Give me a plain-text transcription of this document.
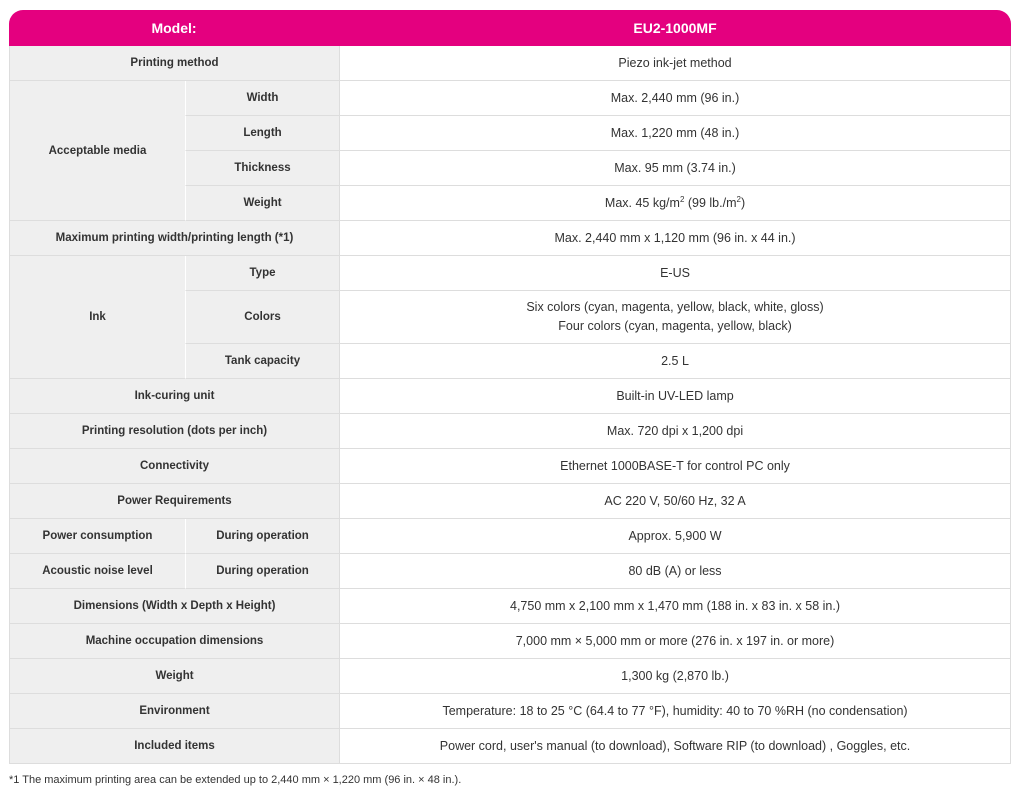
Model:		EU2-1000MF
Printing method		Piezo ink-jet method
Acceptable media	Width	Max. 2,440 mm (96 in.)
	Length	Max. 1,220 mm (48 in.)
	Thickness	Max. 95 mm (3.74 in.)
	Weight	Max. 45 $kg/m^2$ (99 $lb./m^2$)
Maximum printing width/printing length (*1)		Max. 2,440 mm x 1,120 mm (96 in. x 44 in.)
Ink	Type	E-US
	Colors	Six colors (cyan, magenta, yellow, black, white, gloss)
Four colors (cyan, magenta, yellow, black)

	Tank capacity	2.5 L
Ink-curing unit		Built-in UV-LED lamp
Printing resolution (dots per inch)		Max. 720 dpi x 1,200 dpi
Connectivity		Ethernet 1000BASE-T for control PC only
Power Requirements		AC 220 V, 50/60 Hz, 32 A
Power consumption	During operation	Approx. 5,900 W
Acoustic noise level	During operation	80 dB (A) or less
Dimensions (Width x Depth x Height)		4,750 mm x 2,100 mm x 1,470 mm (188 in. x 83 in. x 58 in.)
Machine occupation dimensions		7,000 mm × 5,000 mm or more (276 in. x 197 in. or more)
Weight		1,300 kg (2,870 lb.)
Environment		Temperature: 18 to 25 °C (64.4 to 77 °F), humidity: 40 to 70 %RH (no condensation)
Included items		Power cord, user's manual (to download), Software RIP (to download) , Goggles, etc.
*1 The maximum printing area can be extended up to 2,440 mm × 1,220 mm (96 in. × 48 in.).
